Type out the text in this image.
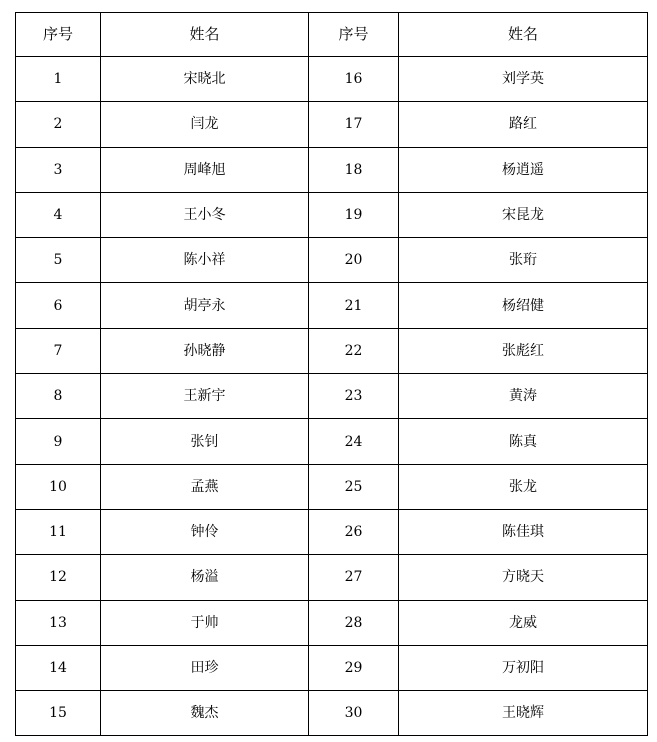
序号	姓名	序号	姓名
1	宋晓北	16	刘学英
2	闫龙	17	路红
3	周峰旭	18	杨逍遥
4	王小冬	19	宋昆龙
5	陈小祥	20	张珩
6	胡亭永	21	杨绍健
7	孙晓静	22	张彪红
8	王新宇	23	黄涛
9	张钊	24	陈真
10	孟燕	25	张龙
11	钟伶	26	陈佳琪
12	杨溢	27	方晓天
13	于帅	28	龙威
14	田珍	29	万初阳
15	魏杰	30	王晓辉
